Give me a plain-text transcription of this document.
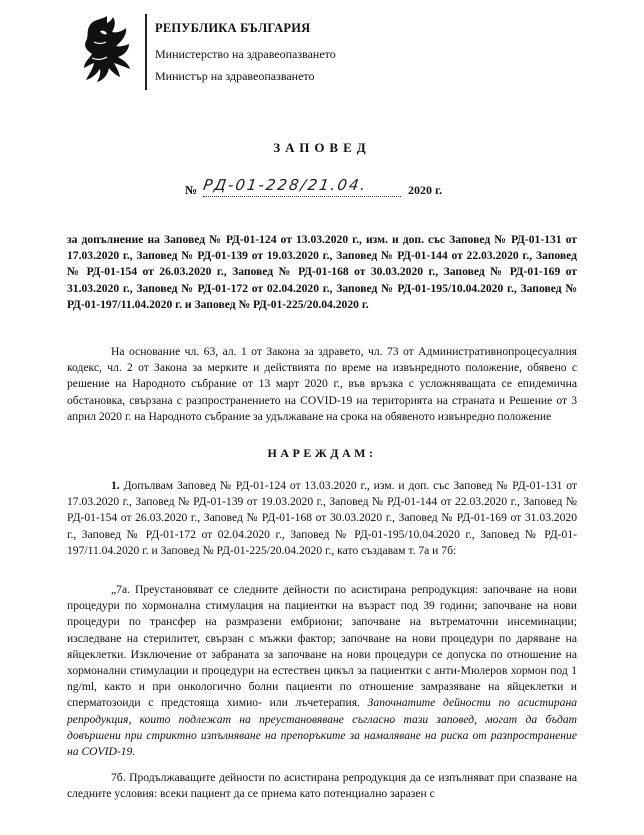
РЕПУБЛИКА БЪЛГАРИЯ
Министерство на здравеопазването
Министър на здравеопазването
ЗАПОВЕД
№ РД-01-228/21.04.	2020 г.
за допълнение на Заповед № РД-01-124 от 13.03.2020 г., изм. и доп. със Заповед № РД-01-131 от 17.03.2020 г., Заповед № РД-01-139 от 19.03.2020 г., Заповед № РД-01-144 от 22.03.2020 г., Заповед № РД-01-154 от 26.03.2020 г., Заповед № РД-01-168 от 30.03.2020 г., Заповед № РД-01-169 от 31.03.2020 г., Заповед № РД-01-172 от 02.04.2020 г., Заповед № РД-01-195/10.04.2020 г., Заповед № РД-01-197/11.04.2020 г. и Заповед № РД-01-225/20.04.2020 г.
На основание чл. 63, ал. 1 от Закона за здравето, чл. 73 от Административнопроцесуалния кодекс, чл. 2 от Закона за мерките и действията по време на извънредното положение, обявено с решение на Народното събрание от 13 март 2020 г., във връзка с усложняващата се епидемична обстановка, свързана с разпространението на COVID-19 на територията на страната и Решение от 3 април 2020 г. на Народното събрание за удължаване на срока на обявеното извънредно положение
НАРЕЖДАМ:

1. Допълвам Заповед № РД-01-124 от 13.03.2020 г., изм. и доп. със Заповед № РД-01-131 от 17.03.2020 г., Заповед № РД-01-139 от 19.03.2020 г., Заповед № РД-01-144 от 22.03.2020 г., Заповед № РД-01-154 от 26.03.2020 г., Заповед № РД-01-168 от 30.03.2020 г., Заповед № РД-01-169 от 31.03.2020 г., Заповед № РД-01-172 от 02.04.2020 г., Заповед № РД-01-195/10.04.2020 г., Заповед № РД-01-197/11.04.2020 г. и Заповед № РД-01-225/20.04.2020 г., като създавам т. 7а и 7б:

„7а. Преустановяват се следните дейности по асистирана репродукция: започване на нови процедури по хормонална стимулация на пациентки на възраст под 39 години; започване на нови процедури по трансфер на размразени ембриони; започване на вътрематочни инсеминации; изследване на стерилитет, свързан с мъжки фактор; започване на нови процедури по даряване на яйцеклетки. Изключение от забраната за започване на нови процедури се допуска по отношение на хормонални стимулации и процедури на естествен цикъл за пациентки с анти-Мюлеров хормон под 1 ng/ml, както и при онкологично болни пациенти по отношение замразяване на яйцеклетки и сперматозоиди с предстояща химио- или лъчетерапия. Започнатите дейности по асистирана репродукция, които подлежат на преустановяване съгласно тази заповед, могат да бъдат довършени при стриктно изпълняване на препоръките за намаляване на риска от разпространение на COVID-19.

7б. Продължаващите дейности по асистирана репродукция да се изпълняват при спазване на следните условия: всеки пациент да се приема като потенциално заразен с
